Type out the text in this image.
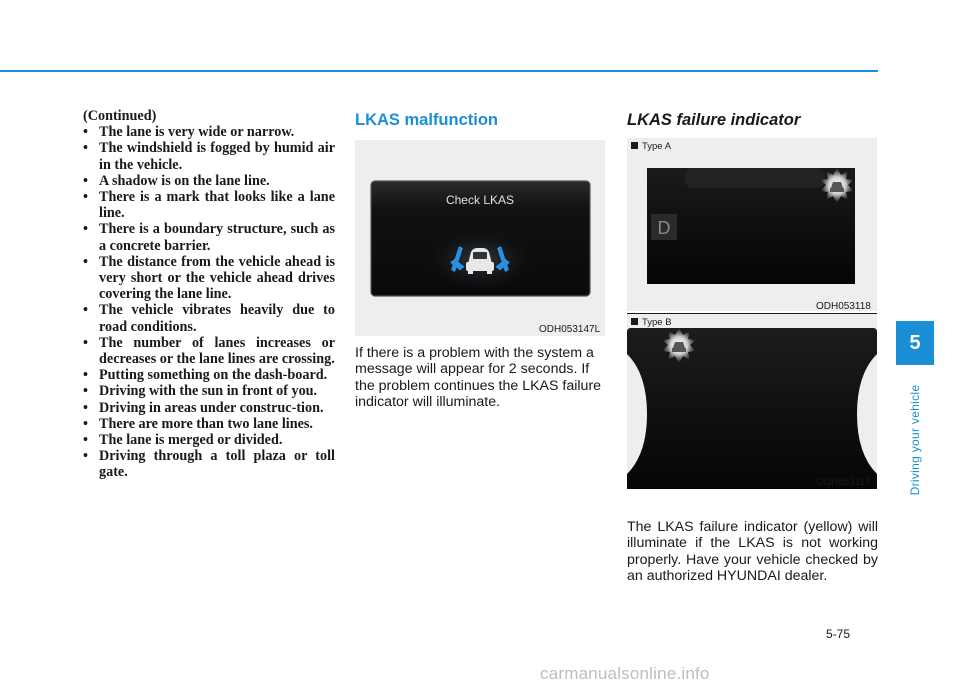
(Continued)

• The lane is very wide or narrow.
• The windshield is fogged by humid air in the vehicle.
• A shadow is on the lane line.
• There is a mark that looks like a lane line.
• There is a boundary structure, such as a concrete barrier.
• The distance from the vehicle ahead is very short or the vehicle ahead drives covering the lane line.
• The vehicle vibrates heavily due to road conditions.
• The number of lanes increases or decreases or the lane lines are crossing.
• Putting something on the dash-board.
• Driving with the sun in front of you.
• Driving in areas under construc-tion.
• There are more than two lane lines.
• The lane is merged or divided.
• Driving through a toll plaza or toll gate.
LKAS malfunction
Check LKAS
ODH053147L

If there is a problem with the system a message will appear for 2 seconds. If the problem continues the LKAS failure indicator will illuminate.

LKAS failure indicator
D
Type A
ODH053118
Type B
ODH053117

The LKAS failure indicator (yellow) will illuminate if the LKAS is not working properly. Have your vehicle checked by an authorized HYUNDAI dealer.

5
Driving your vehicle
5-75
carmanualsonline.info
